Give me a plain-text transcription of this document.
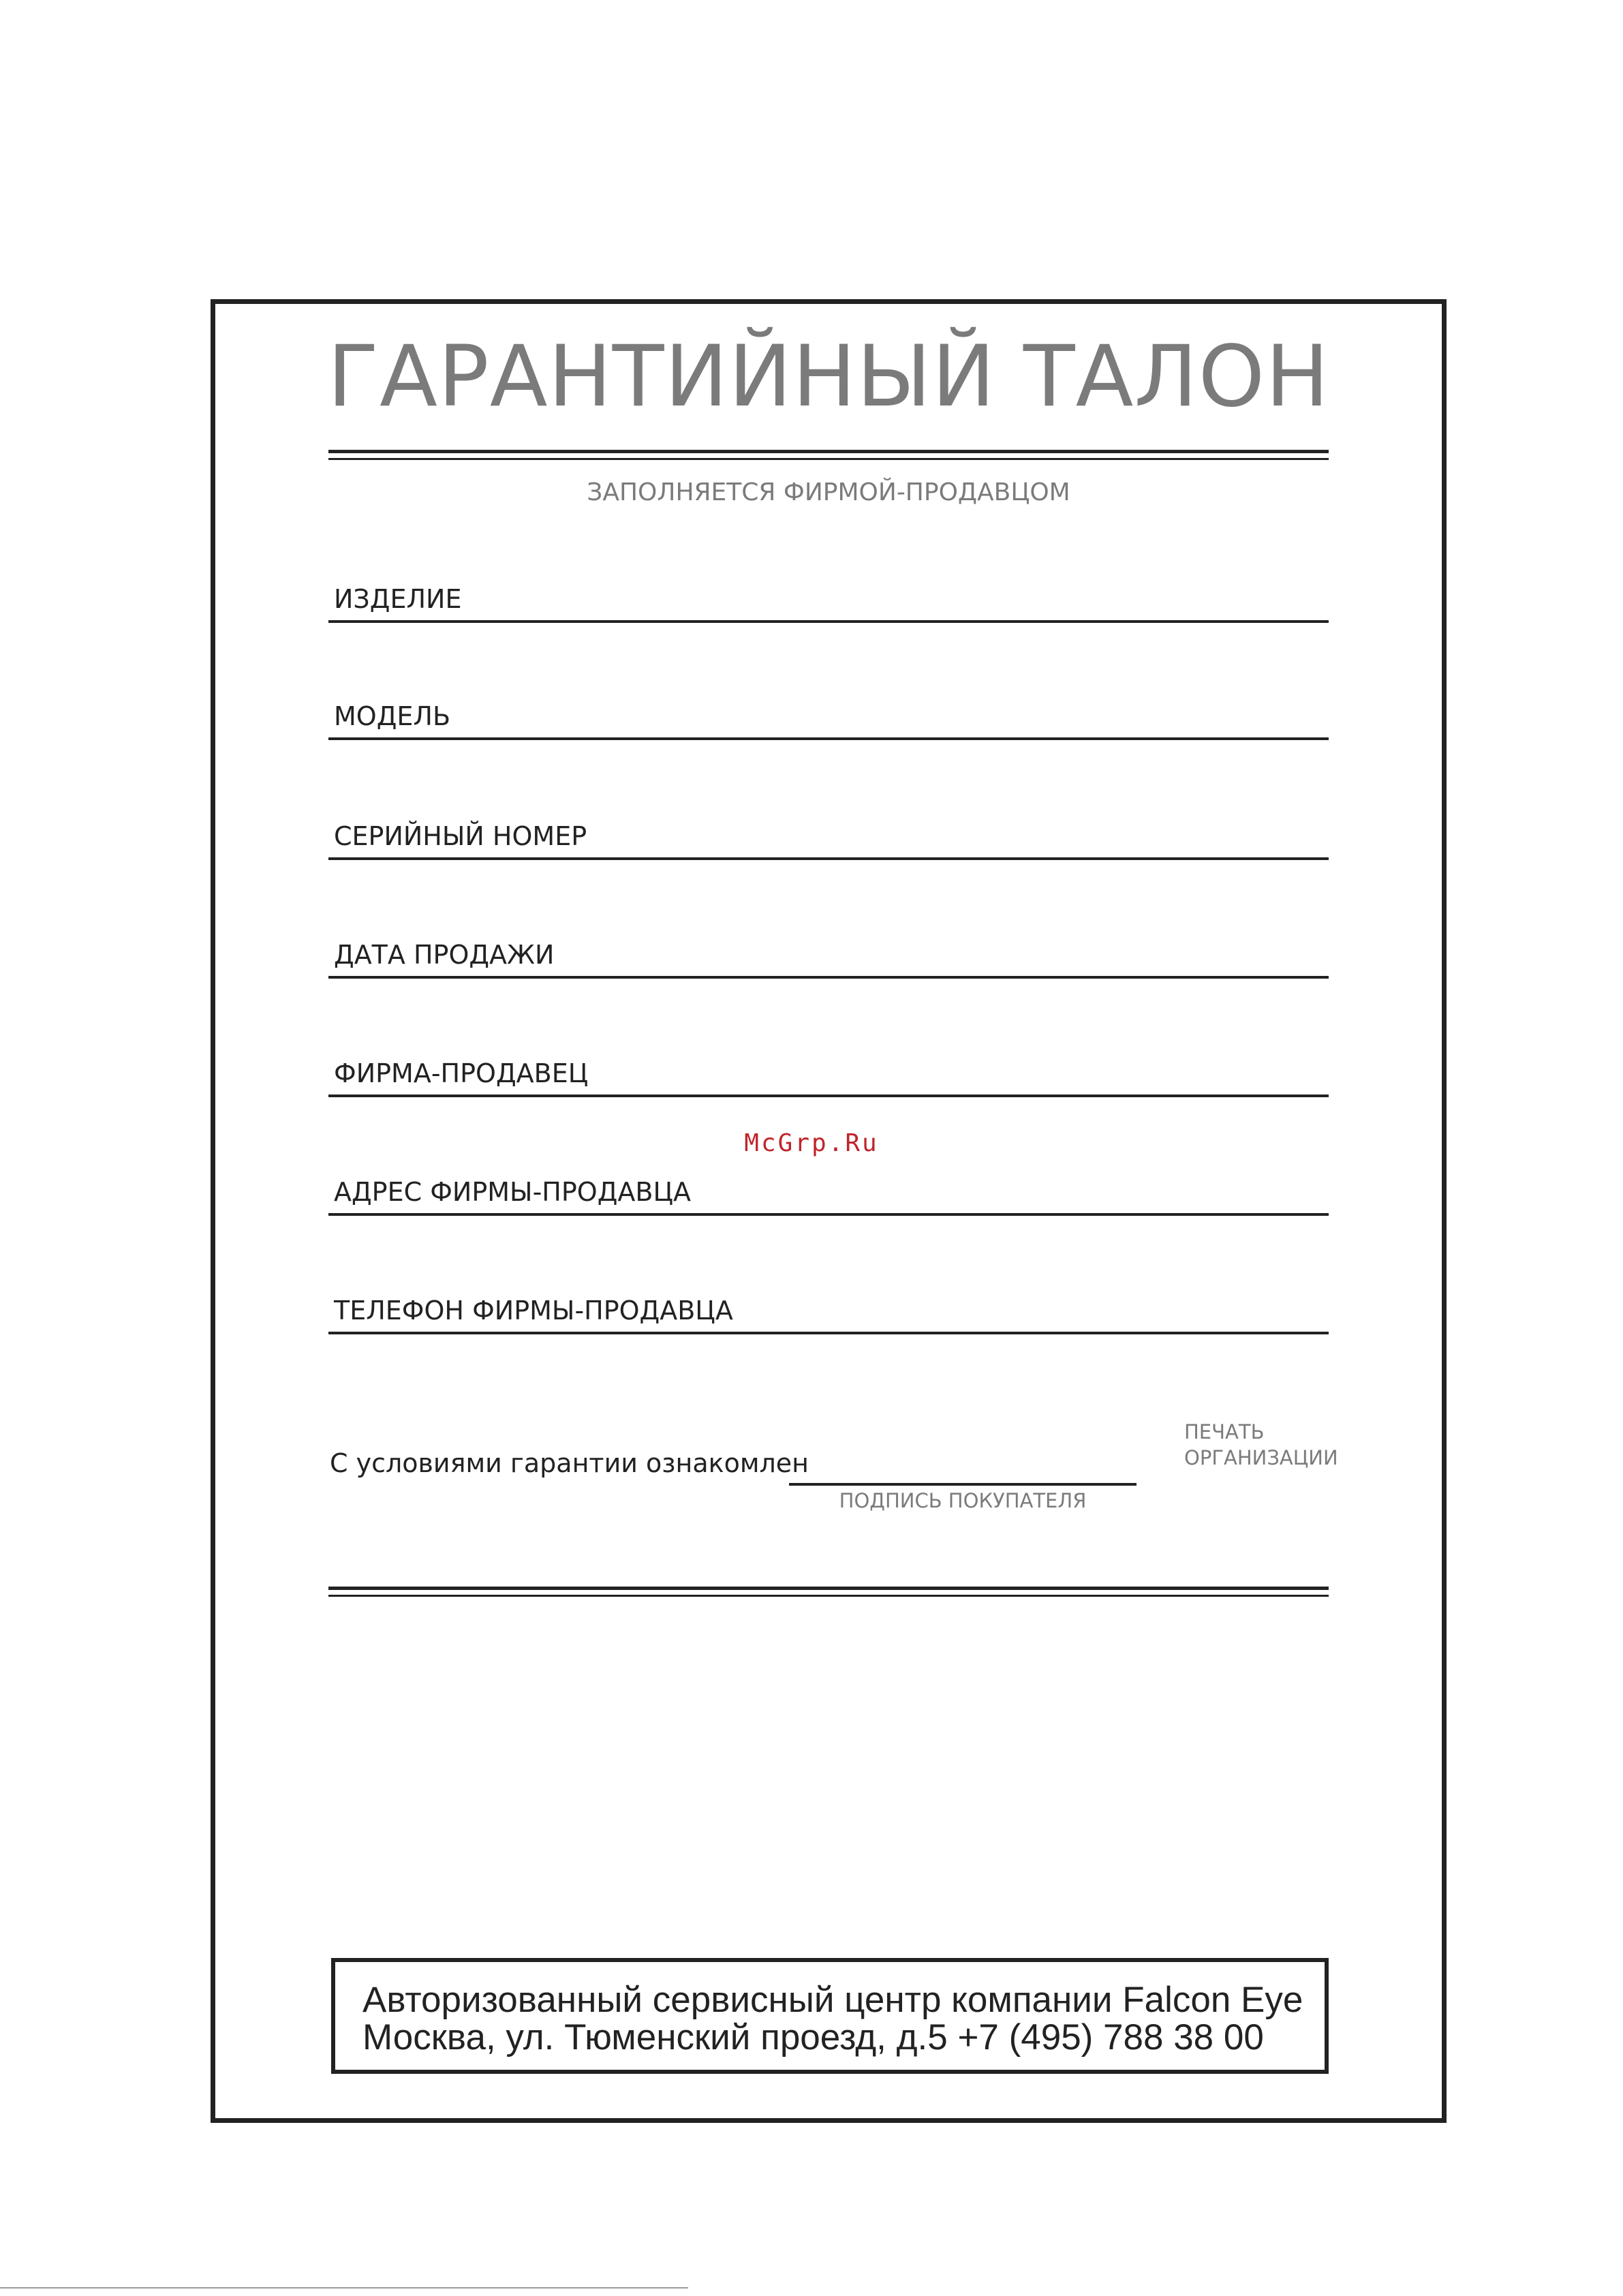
ГАРАНТИЙНЫЙ ТАЛОН
ЗАПОЛНЯЕТСЯ ФИРМОЙ-ПРОДАВЦОМ
ИЗДЕЛИЕ
МОДЕЛЬ
СЕРИЙНЫЙ НОМЕР
ДАТА ПРОДАЖИ
ФИРМА-ПРОДАВЕЦ
АДРЕС ФИРМЫ-ПРОДАВЦА
ТЕЛЕФОН ФИРМЫ-ПРОДАВЦА
McGrp.Ru
С условиями гарантии ознакомлен
ПОДПИСЬ ПОКУПАТЕЛЯ
ПЕЧАТЬ
ОРГАНИЗАЦИИ
Авторизованный сервисный центр компании Falcon Eye
Москва, ул. Тюменский проезд, д.5 +7 (495) 788 38 00
